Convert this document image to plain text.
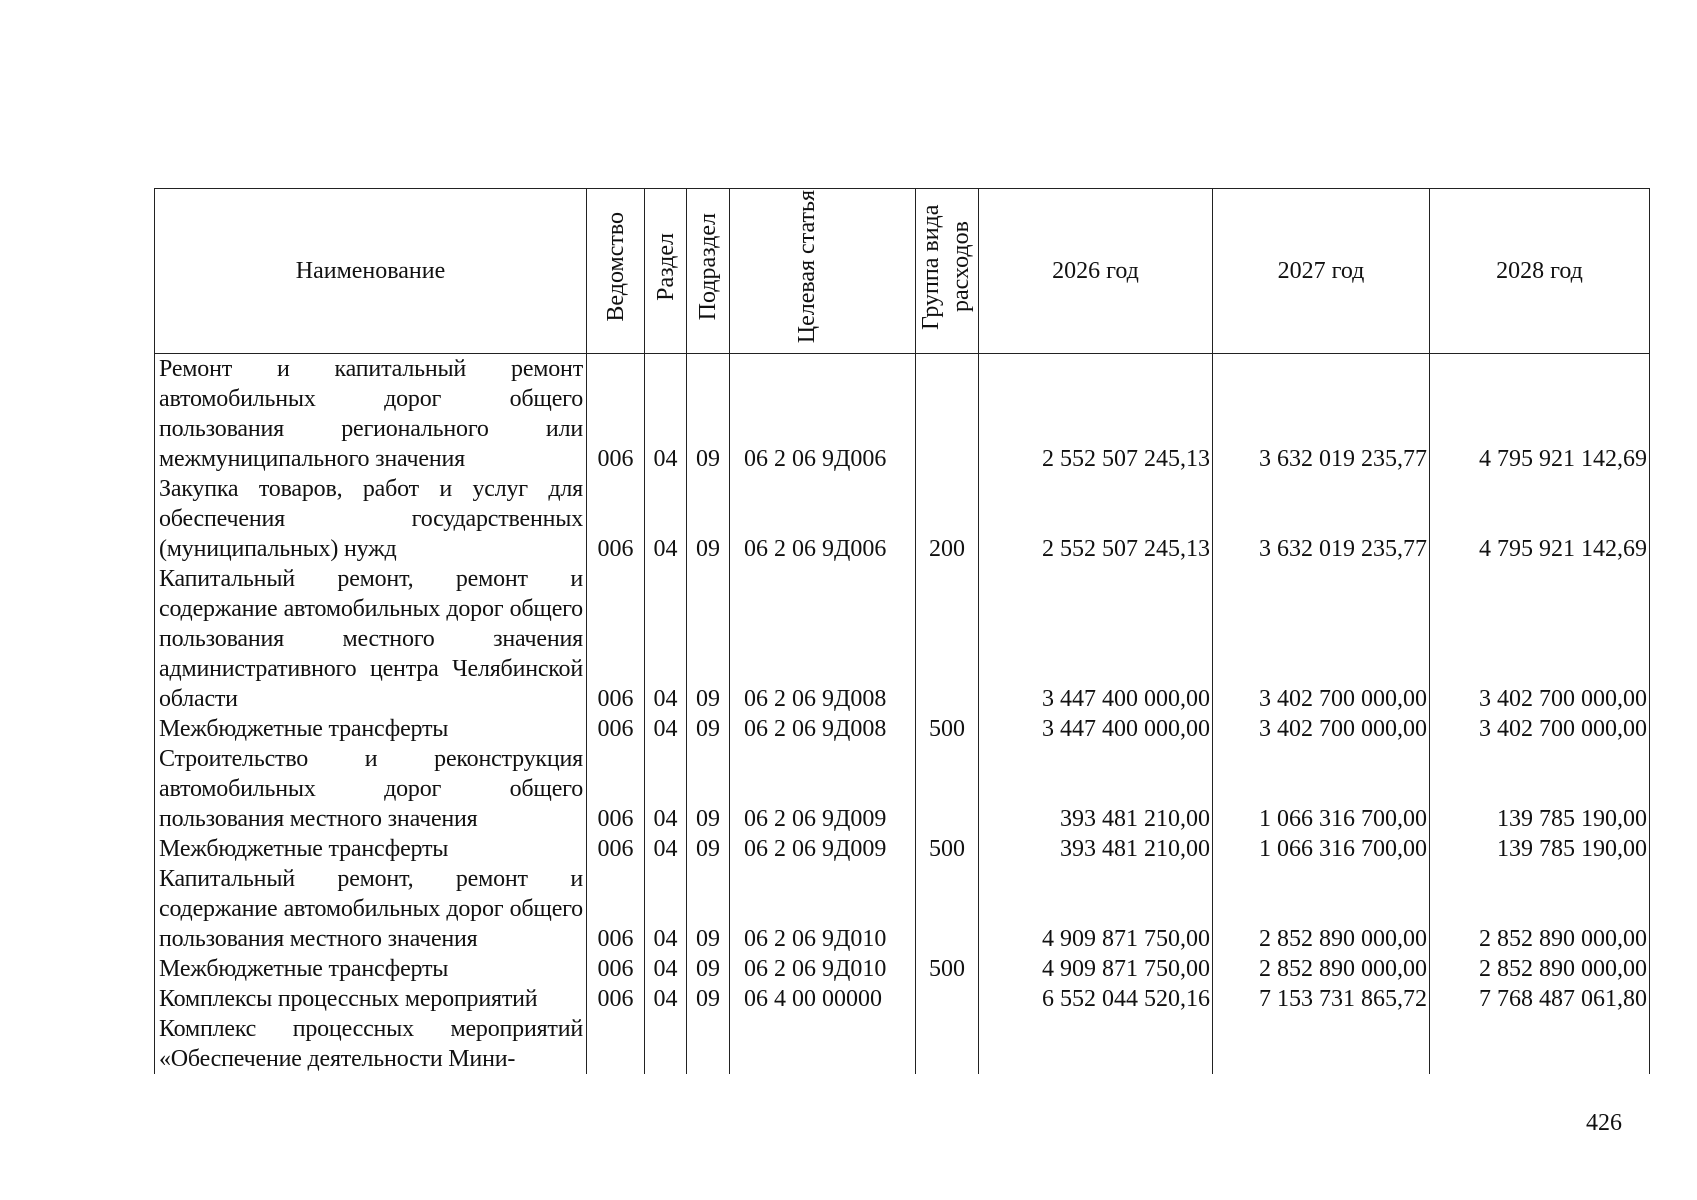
Наименование	Ведомство	Раздел	Подраздел	Целевая статья	Группа вида расходов	2026 год	2027 год	2028 год
Ремонт и капитальный ремонт автомобильных дорог общего пользования регионального или межмуниципального значения	006	04	09	06 2 06 9Д006		2 552 507 245,13	3 632 019 235,77	4 795 921 142,69
Закупка товаров, работ и услуг для обеспечения государственных (муниципальных) нужд	006	04	09	06 2 06 9Д006	200	2 552 507 245,13	3 632 019 235,77	4 795 921 142,69
Капитальный ремонт, ремонт и содержание автомобильных дорог общего пользования местного значения административного центра Челябинской области	006	04	09	06 2 06 9Д008		3 447 400 000,00	3 402 700 000,00	3 402 700 000,00
Межбюджетные трансферты	006	04	09	06 2 06 9Д008	500	3 447 400 000,00	3 402 700 000,00	3 402 700 000,00
Строительство и реконструкция автомобильных дорог общего пользования местного значения	006	04	09	06 2 06 9Д009		393 481 210,00	1 066 316 700,00	139 785 190,00
Межбюджетные трансферты	006	04	09	06 2 06 9Д009	500	393 481 210,00	1 066 316 700,00	139 785 190,00
Капитальный ремонт, ремонт и содержание автомобильных дорог общего пользования местного значения	006	04	09	06 2 06 9Д010		4 909 871 750,00	2 852 890 000,00	2 852 890 000,00
Межбюджетные трансферты	006	04	09	06 2 06 9Д010	500	4 909 871 750,00	2 852 890 000,00	2 852 890 000,00
Комплексы процессных мероприятий	006	04	09	06 4 00 00000		6 552 044 520,16	7 153 731 865,72	7 768 487 061,80
Комплекс процессных мероприятий «Обеспечение деятельности Мини-								
426
